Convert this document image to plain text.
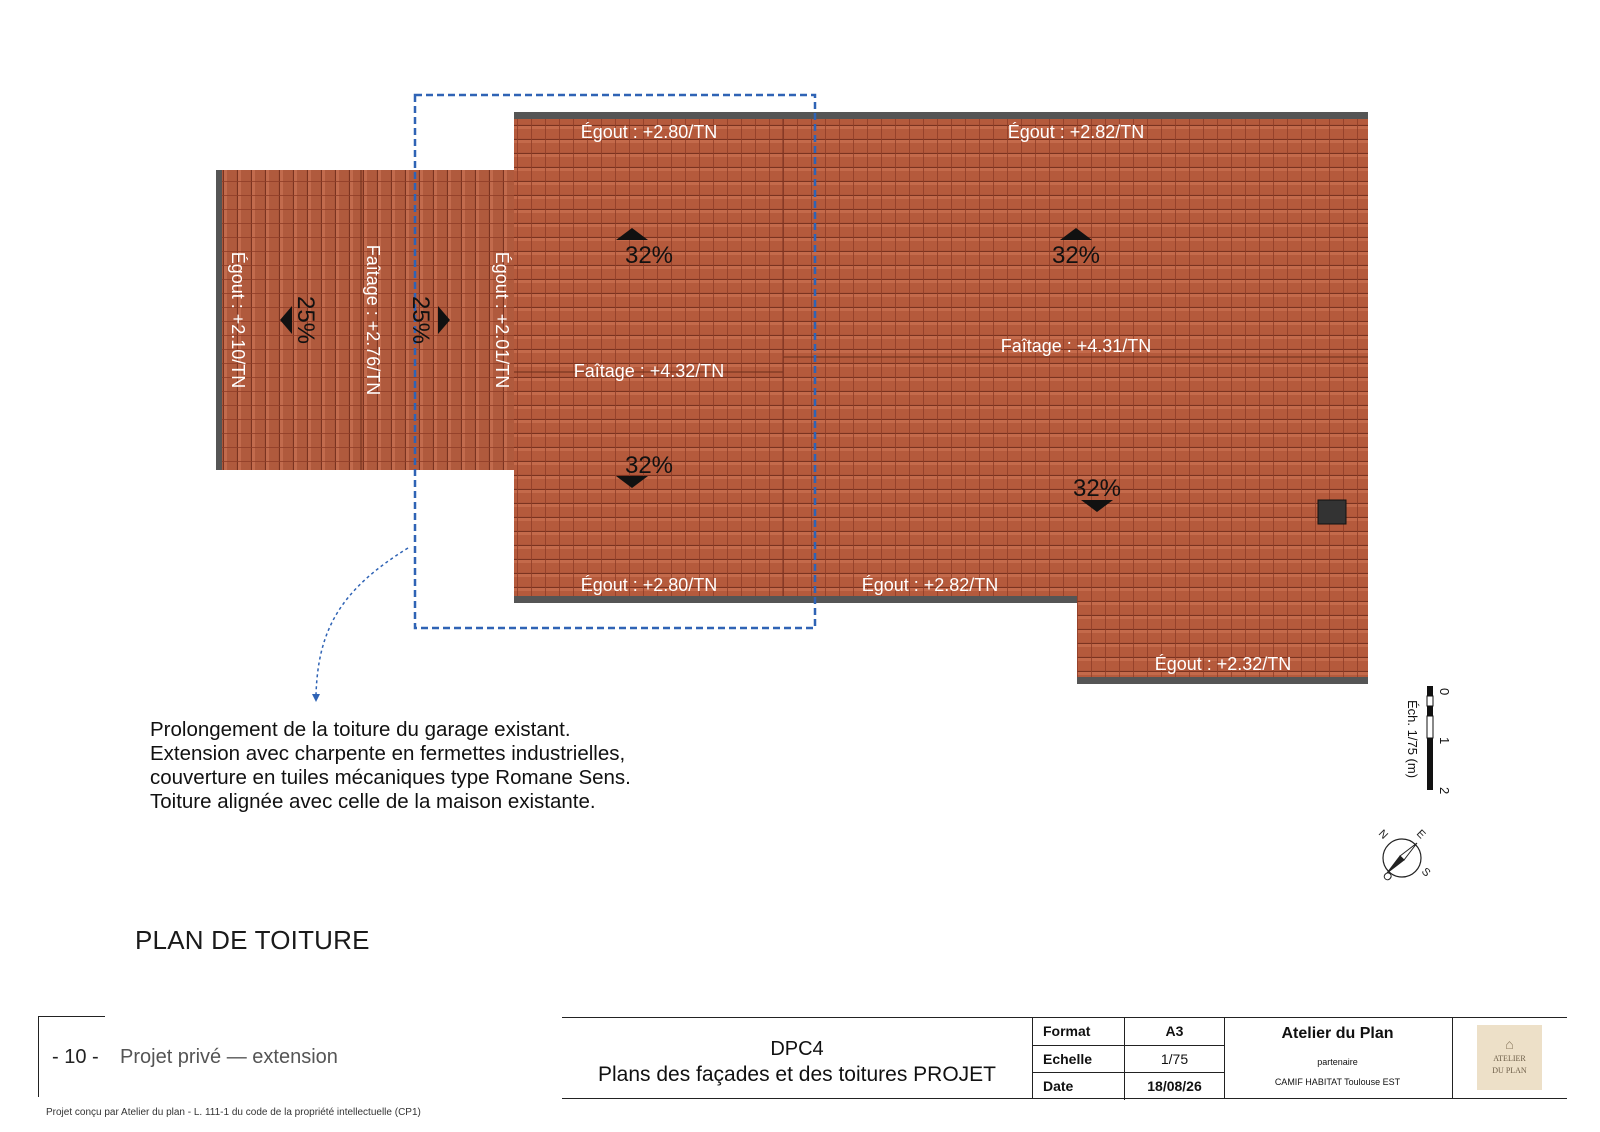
32%	32%
32%
32%
25%	25%
Égout : +2.80/TN	Égout : +2.82/TN
Faîtage : +4.32/TN
Faîtage : +4.31/TN
Égout : +2.80/TN	Égout : +2.82/TN
Égout : +2.32/TN
Égout : +2.10/TN	Faîtage : +2.76/TN	Égout : +2.01/TN
0
1
2
Éch. 1/75 (m)
N E
S
O
Prolongement de la toiture du garage existant.
Extension avec charpente en fermettes industrielles,
couverture en tuiles mécaniques type Romane Sens.
Toiture alignée avec celle de la maison existante.
PLAN DE TOITURE
- 10 - Projet privé — extension
Projet conçu par Atelier du plan - L. 111-1 du code de la propriété intellectuelle (CP1)
DPC4
Plans des façades et des toitures PROJET
Format	A3
Echelle	1/75
Date	18/08/26
Atelier du Plan
partenaire
CAMIF HABITAT Toulouse EST
⌂
ATELIER
DU PLAN
